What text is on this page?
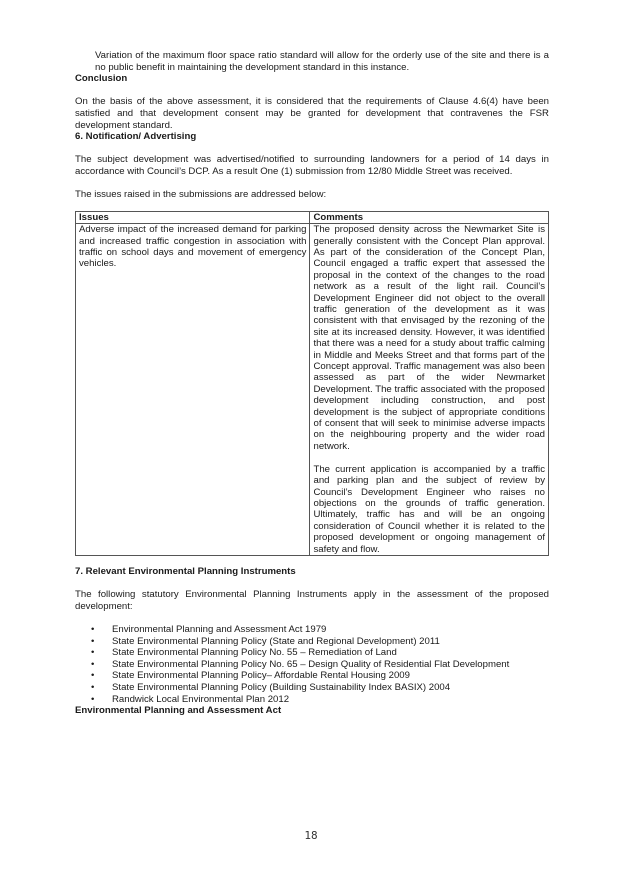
Variation of the maximum floor space ratio standard will allow for the orderly use of the site and there is a no public benefit in maintaining the development standard in this instance.

Conclusion

On the basis of the above assessment, it is considered that the requirements of Clause 4.6(4) have been satisfied and that development consent may be granted for development that contravenes the FSR development standard.

6. Notification/ Advertising

The subject development was advertised/notified to surrounding landowners for a period of 14 days in accordance with Council’s DCP. As a result One (1) submission from 12/80 Middle Street was received.

The issues raised in the submissions are addressed below:

Issues	Comments
Adverse impact of the increased demand for parking and increased traffic congestion in association with traffic on school days and movement of emergency vehicles.	The proposed density across the Newmarket Site is generally consistent with the Concept Plan approval. As part of the consideration of the Concept Plan, Council engaged a traffic expert that assessed the proposal in the context of the changes to the road network as a result of the light rail. Council’s Development Engineer did not object to the overall traffic generation of the development as it was consistent with that envisaged by the rezoning of the site at its increased density. However, it was identified that there was a need for a study about traffic calming in Middle and Meeks Street and that forms part of the Concept approval. Traffic management was also been assessed as part of the wider Newmarket Development. The traffic associated with the proposed development including construction, and post development is the subject of appropriate conditions of consent that will seek to minimise adverse impacts on the neighbouring property and the wider road network.

The current application is accompanied by a traffic and parking plan and the subject of review by Council’s Development Engineer who raises no objections on the grounds of traffic generation. Ultimately, traffic has and will be an ongoing consideration of Council whether it is related to the proposed development or ongoing management of safety and flow.

7. Relevant Environmental Planning Instruments

The following statutory Environmental Planning Instruments apply in the assessment of the proposed development:

• Environmental Planning and Assessment Act 1979
• State Environmental Planning Policy (State and Regional Development) 2011
• State Environmental Planning Policy No. 55 – Remediation of Land
• State Environmental Planning Policy No. 65 – Design Quality of Residential Flat Development
• State Environmental Planning Policy– Affordable Rental Housing 2009
• State Environmental Planning Policy (Building Sustainability Index BASIX) 2004
• Randwick Local Environmental Plan 2012

Environmental Planning and Assessment Act

18
